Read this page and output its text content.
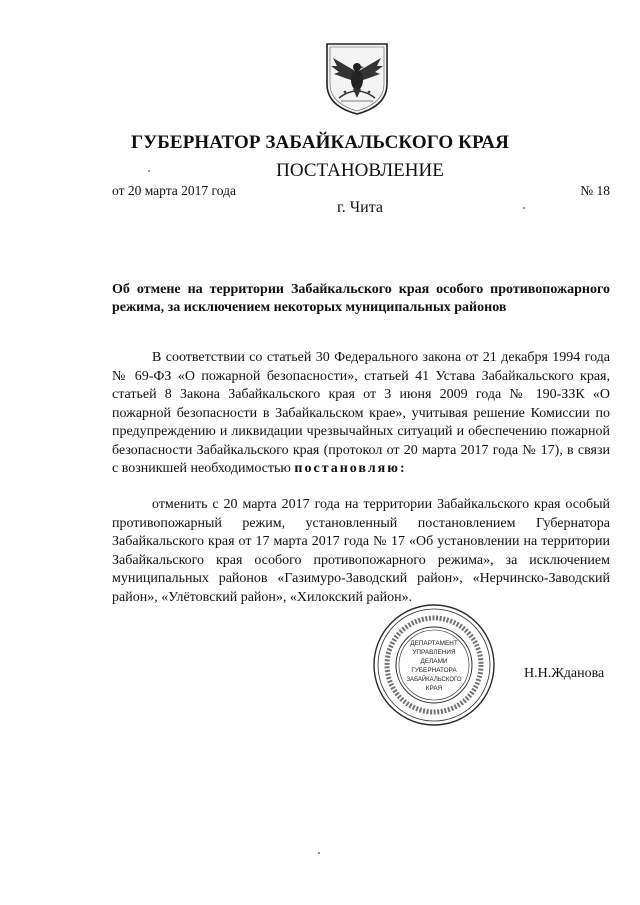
ГУБЕРНАТОР ЗАБАЙКАЛЬСКОГО КРАЯ
ПОСТАНОВЛЕНИЕ
от 20 марта 2017 года	№ 18
г. Чита
Об отмене на территории Забайкальского края особого противопожарного режима, за исключением некоторых муниципальных районов

В соответствии со статьей 30 Федерального закона от 21 декабря 1994 года № 69-ФЗ «О пожарной безопасности», статьей 41 Устава Забайкальского края, статьей 8 Закона Забайкальского края от 3 июня 2009 года № 190-ЗЗК «О пожарной безопасности в Забайкальском крае», учитывая решение Комиссии по предупреждению и ликвидации чрезвычайных ситуаций и обеспечению пожарной безопасности Забайкальского края (протокол от 20 марта 2017 года № 17), в связи с возникшей необходимостью постановляю:

отменить с 20 марта 2017 года на территории Забайкальского края особый противопожарный режим, установленный постановлением Губернатора Забайкальского края от 17 марта 2017 года № 17 «Об установлении на территории Забайкальского края особого противопожарного режима», за исключением муниципальных районов «Газимуро-Заводский район», «Нерчинско-Заводский район», «Улётовский район», «Хилокский район».

ДЕПАРТАМЕНТ
УПРАВЛЕНИЯ
ДЕЛАМИ
ГУБЕРНАТОРА
ЗАБАЙКАЛЬСКОГО
КРАЯ
Н.Н.Жданова
